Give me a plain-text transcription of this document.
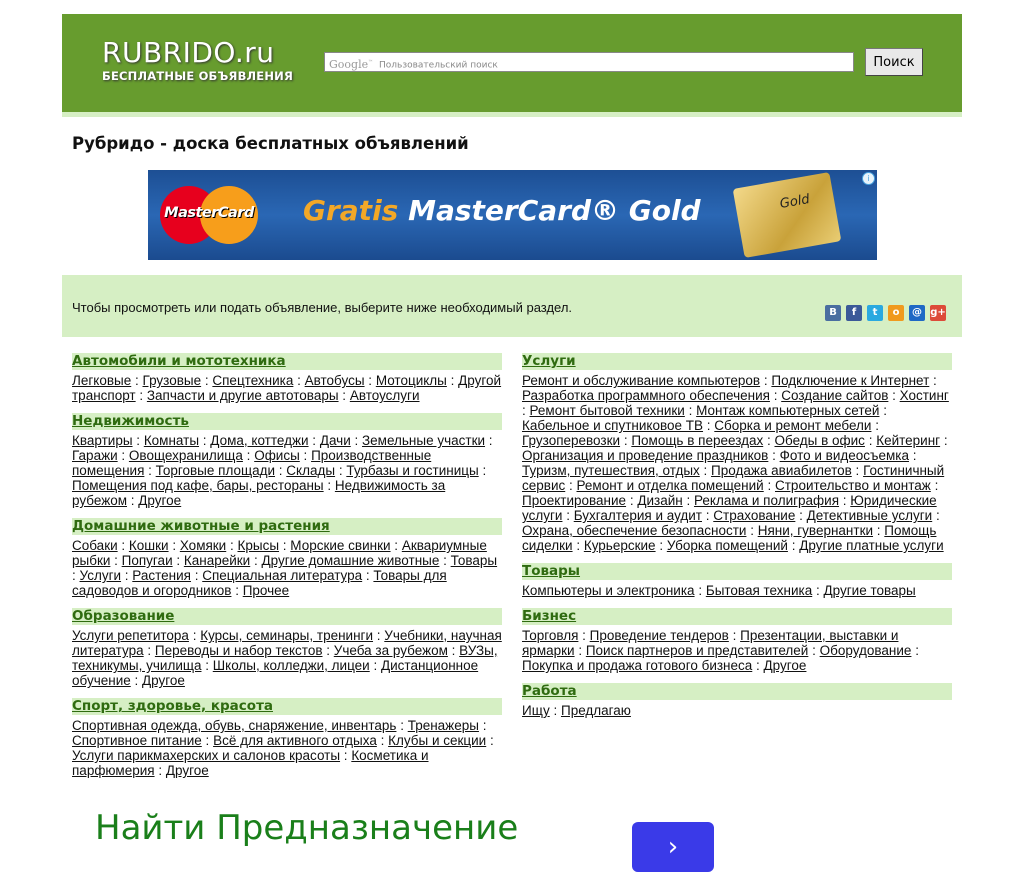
RUBRIDO.ru
БЕСПЛАТНЫЕ ОБЪЯВЛЕНИЯ
Google™ Пользовательский поиск	Поиск
Рубридо - доска бесплатных объявлений
MasterCard Gratis MasterCard® Gold	Gold
i
Чтобы просмотреть или подать объявление, выберите ниже необходимый раздел.	В	f	t	о	@ g+
Автомобили и мототехника
Легковые : Грузовые : Спецтехника : Автобусы : Мотоциклы : Другой транспорт : Запчасти и другие автотовары : Автоуслуги
Недвижимость
Квартиры : Комнаты : Дома, коттеджи : Дачи : Земельные участки : Гаражи : Овощехранилища : Офисы : Производственные помещения : Торговые площади : Склады : Турбазы и гостиницы : Помещения под кафе, бары, рестораны : Недвижимость за рубежом : Другое
Домашние животные и растения
Собаки : Кошки : Хомяки : Крысы : Морские свинки : Аквариумные рыбки : Попугаи : Канарейки : Другие домашние животные : Товары : Услуги : Растения : Специальная литература : Товары для садоводов и огородников : Прочее
Образование
Услуги репетитора : Курсы, семинары, тренинги : Учебники, научная литература : Переводы и набор текстов : Учеба за рубежом : ВУЗы, техникумы, училища : Школы, колледжи, лицеи : Дистанционное обучение : Другое
Спорт, здоровье, красота
Спортивная одежда, обувь, снаряжение, инвентарь : Тренажеры : Спортивное питание : Всё для активного отдыха : Клубы и секции : Услуги парикмахерских и салонов красоты : Косметика и парфюмерия : Другое
Услуги
Ремонт и обслуживание компьютеров : Подключение к Интернет : Разработка программного обеспечения : Создание сайтов : Хостинг : Ремонт бытовой техники : Монтаж компьютерных сетей : Кабельное и спутниковое ТВ : Сборка и ремонт мебели : Грузоперевозки : Помощь в переездах : Обеды в офис : Кейтеринг : Организация и проведение праздников : Фото и видеосъемка : Туризм, путешествия, отдых : Продажа авиабилетов : Гостиничный сервис : Ремонт и отделка помещений : Строительство и монтаж : Проектирование : Дизайн : Реклама и полиграфия : Юридические услуги : Бухгалтерия и аудит : Страхование : Детективные услуги : Охрана, обеспечение безопасности : Няни, гувернантки : Помощь сиделки : Курьерские : Уборка помещений : Другие платные услуги
Товары
Компьютеры и электроника : Бытовая техника : Другие товары
Бизнес
Торговля : Проведение тендеров : Презентации, выставки и ярмарки : Поиск партнеров и представителей : Оборудование : Покупка и продажа готового бизнеса : Другое
Работа
Ищу : Предлагаю
Найти Предназначение	›
